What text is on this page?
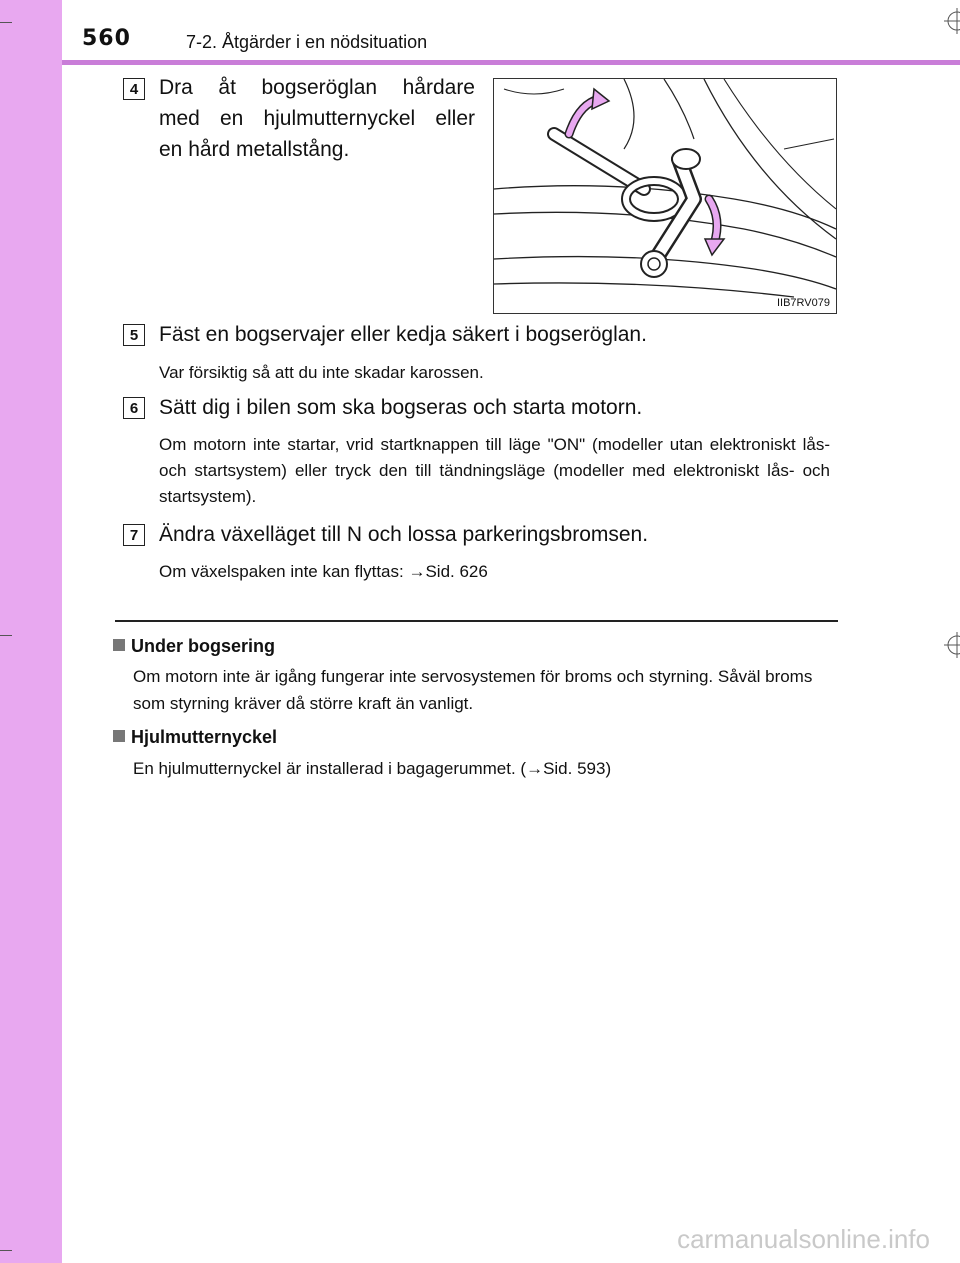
560	7-2. Åtgärder i en nödsituation
4 Dra åt bogseröglan hårdare
med en hjulmutternyckel eller
en hård metallstång.
IIB7RV079
5 Fäst en bogservajer eller kedja säkert i bogseröglan.
Var försiktig så att du inte skadar karossen.
6 Sätt dig i bilen som ska bogseras och starta motorn.
Om motorn inte startar, vrid startknappen till läge "ON" (modeller utan elektroniskt lås- och startsystem) eller tryck den till tändningsläge (modeller med elektroniskt lås- och startsystem).
7 Ändra växelläget till N och lossa parkeringsbromsen.
Om växelspaken inte kan flyttas: →Sid. 626
Under bogsering
Om motorn inte är igång fungerar inte servosystemen för broms och styrning. Såväl broms som styrning kräver då större kraft än vanligt.
Hjulmutternyckel
En hjulmutternyckel är installerad i bagagerummet. (→Sid. 593)
carmanualsonline.info
